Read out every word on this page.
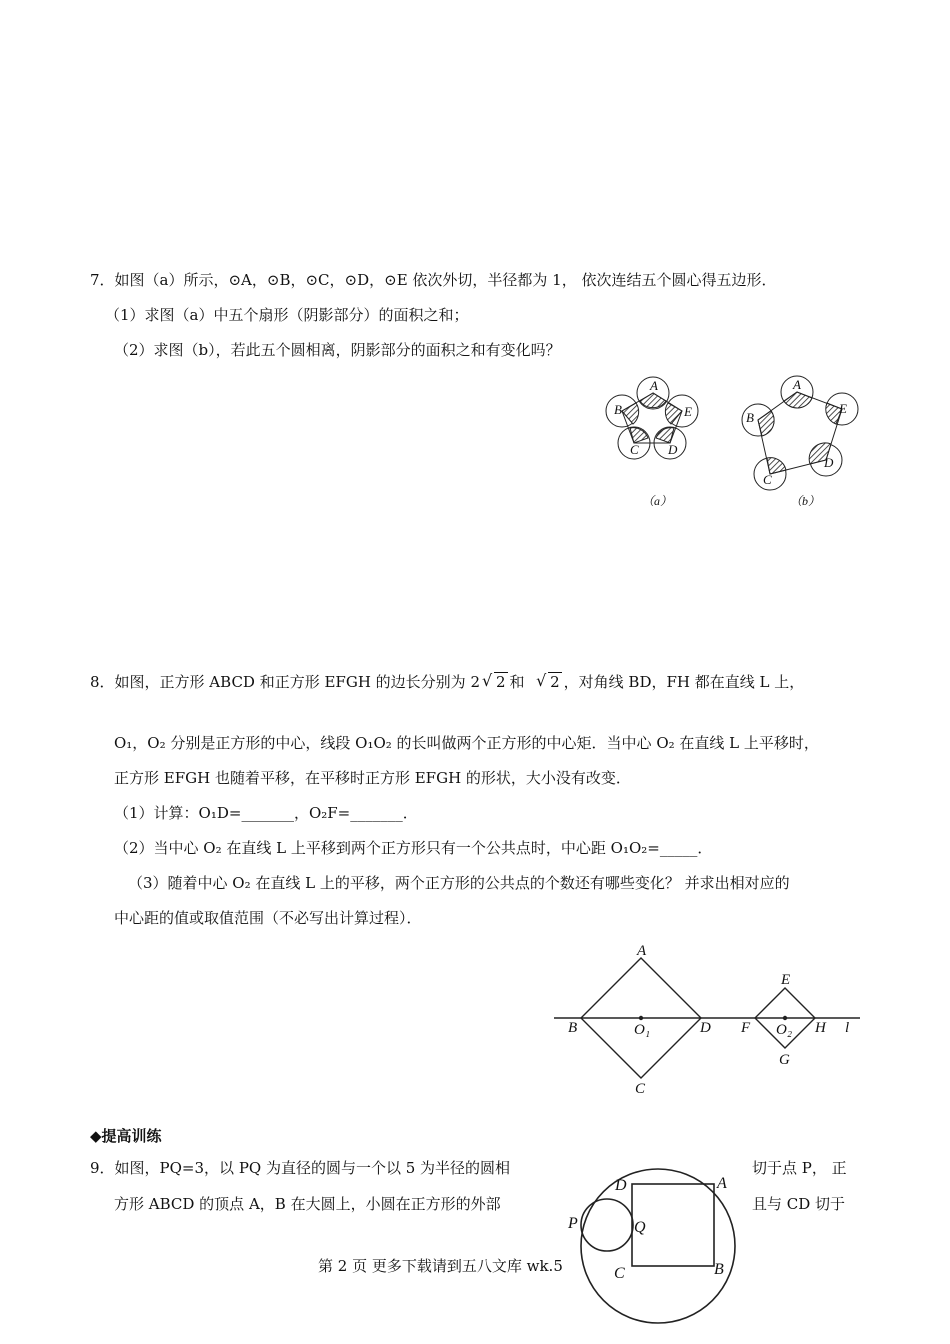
7．如图（a）所示，⊙A，⊙B，⊙C，⊙D，⊙E 依次外切，半径都为 1， 依次连结五个圆心得五边形．
（1）求图（a）中五个扇形（阴影部分）的面积之和；
（2）求图（b），若此五个圆相离，阴影部分的面积之和有变化吗？
A
B
C D
E
（a）
A
B
C
D
E
（b）
8．如图，正方形 ABCD 和正方形 EFGH 的边长分别为 2 √ 2 和 √ 2 ，对角线 BD，FH 都在直线 L 上，
O₁，O₂ 分别是正方形的中心，线段 O₁O₂ 的长叫做两个正方形的中心矩．当中心 O₂ 在直线 L 上平移时，
正方形 EFGH 也随着平移，在平移时正方形 EFGH 的形状，大小没有改变．
（1）计算：O₁D=_______，O₂F=_______．
（2）当中心 O₂ 在直线 L 上平移到两个正方形只有一个公共点时，中心距 O₁O₂=_____．
（3）随着中心 O₂ 在直线 L 上的平移，两个正方形的公共点的个数还有哪些变化？ 并求出相对应的
中心距的值或取值范围（不必写出计算过程）．
A
B
C
D
O₁
E
F O₂ H
G
l
◆提高训练
9．如图，PQ=3，以 PQ 为直径的圆与一个以 5 为半径的圆相	切于点 P， 正
方形 ABCD 的顶点 A，B 在大圆上，小圆在正方形的外部	且与 CD 切于
D	A
Q
P
C	B
第 2 页 更多下载请到五八文库 wk.5
